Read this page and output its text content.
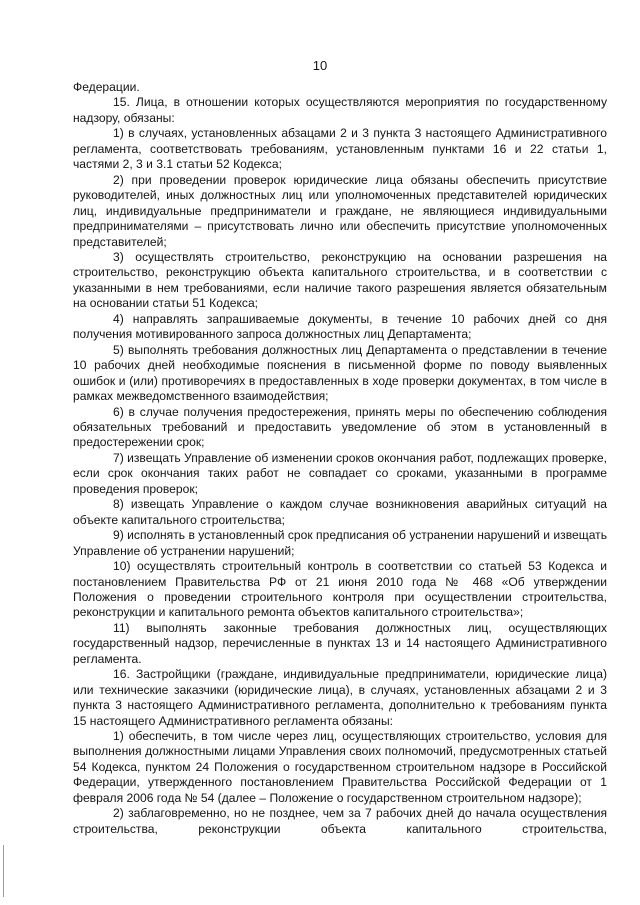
10

Федерации.

15. Лица, в отношении которых осуществляются мероприятия по государственному надзору, обязаны:

1) в случаях, установленных абзацами 2 и 3 пункта 3 настоящего Административного регламента, соответствовать требованиям, установленным пунктами 16 и 22 статьи 1, частями 2, 3 и 3.1 статьи 52 Кодекса;

2) при проведении проверок юридические лица обязаны обеспечить присутствие руководителей, иных должностных лиц или уполномоченных представителей юридических лиц, индивидуальные предприниматели и граждане, не являющиеся индивидуальными предпринимателями – присутствовать лично или обеспечить присутствие уполномоченных представителей;

3) осуществлять строительство, реконструкцию на основании разрешения на строительство, реконструкцию объекта капитального строительства, и в соответствии с указанными в нем требованиями, если наличие такого разрешения является обязательным на основании статьи 51 Кодекса;

4) направлять запрашиваемые документы, в течение 10 рабочих дней со дня получения мотивированного запроса должностных лиц Департамента;

5) выполнять требования должностных лиц Департамента о представлении в течение 10 рабочих дней необходимые пояснения в письменной форме по поводу выявленных ошибок и (или) противоречиях в предоставленных в ходе проверки документах, в том числе в рамках межведомственного взаимодействия;

6) в случае получения предостережения, принять меры по обеспечению соблюдения обязательных требований и предоставить уведомление об этом в установленный в предостережении срок;

7) извещать Управление об изменении сроков окончания работ, подлежащих проверке, если срок окончания таких работ не совпадает со сроками, указанными в программе проведения проверок;

8) извещать Управление о каждом случае возникновения аварийных ситуаций на объекте капитального строительства;

9) исполнять в установленный срок предписания об устранении нарушений и извещать Управление об устранении нарушений;

10) осуществлять строительный контроль в соответствии со статьей 53 Кодекса и постановлением Правительства РФ от 21 июня 2010 года № 468 «Об утверждении Положения о проведении строительного контроля при осуществлении строительства, реконструкции и капитального ремонта объектов капитального строительства»;

11) выполнять законные требования должностных лиц, осуществляющих государственный надзор, перечисленные в пунктах 13 и 14 настоящего Административного регламента.

16. Застройщики (граждане, индивидуальные предприниматели, юридические лица) или технические заказчики (юридические лица), в случаях, установленных абзацами 2 и 3 пункта 3 настоящего Административного регламента, дополнительно к требованиям пункта 15 настоящего Административного регламента обязаны:

1) обеспечить, в том числе через лиц, осуществляющих строительство, условия для выполнения должностными лицами Управления своих полномочий, предусмотренных статьей 54 Кодекса, пунктом 24 Положения о государственном строительном надзоре в Российской Федерации, утвержденного постановлением Правительства Российской Федерации от 1 февраля 2006 года № 54 (далее – Положение о государственном строительном надзоре);

2) заблаговременно, но не позднее, чем за 7 рабочих дней до начала осуществления строительства, реконструкции объекта капитального строительства,
